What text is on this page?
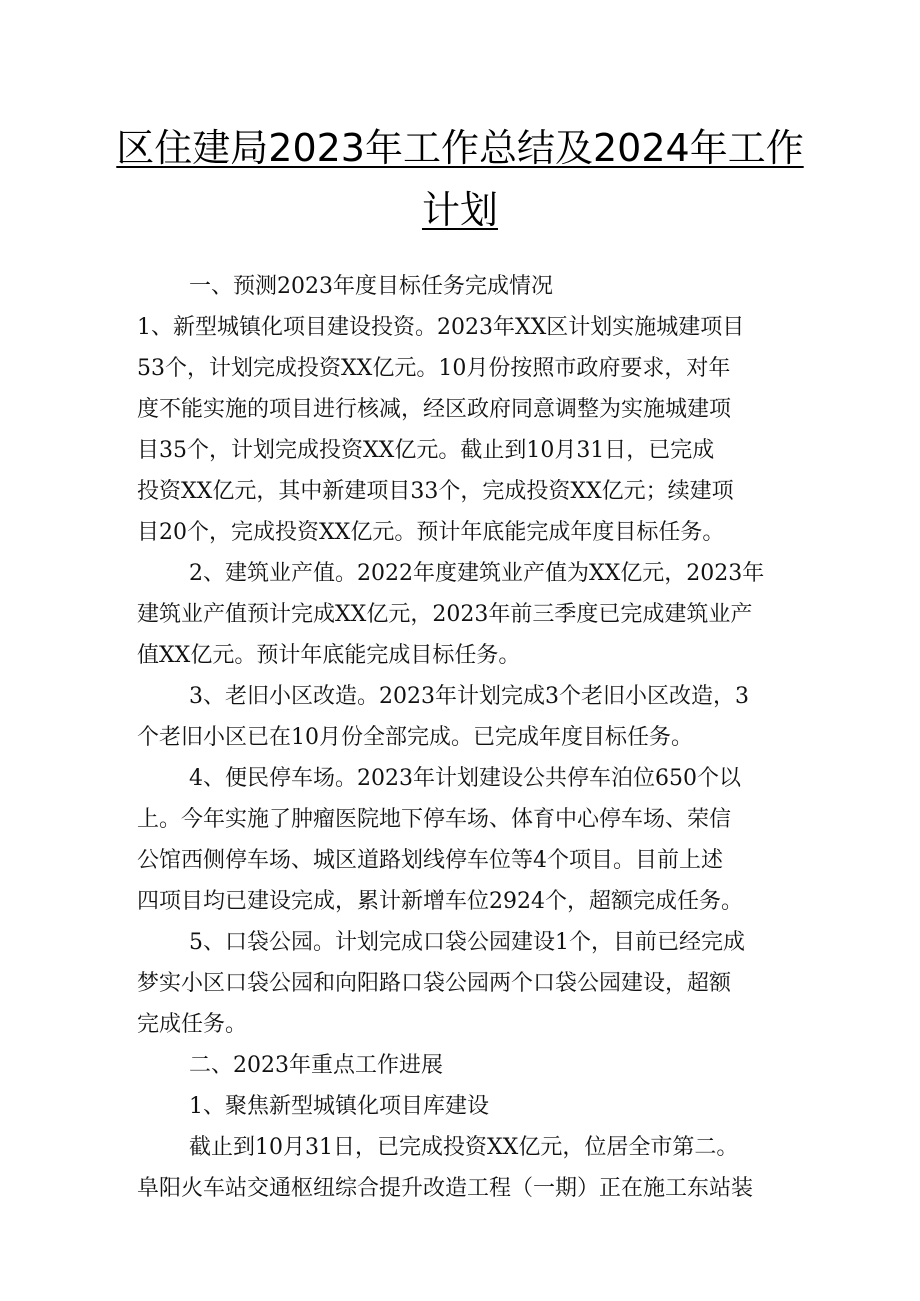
区住建局2023年工作总结及2024年工作
计划
一、预测2023年度目标任务完成情况
1、新型城镇化项目建设投资。2023年XX区计划实施城建项目
53个，计划完成投资XX亿元。10月份按照市政府要求，对年
度不能实施的项目进行核减，经区政府同意调整为实施城建项
目35个，计划完成投资XX亿元。截止到10月31日，已完成
投资XX亿元，其中新建项目33个，完成投资XX亿元；续建项
目20个，完成投资XX亿元。预计年底能完成年度目标任务。
2、建筑业产值。2022年度建筑业产值为XX亿元，2023年
建筑业产值预计完成XX亿元，2023年前三季度已完成建筑业产
值XX亿元。预计年底能完成目标任务。
3、老旧小区改造。2023年计划完成3个老旧小区改造，3
个老旧小区已在10月份全部完成。已完成年度目标任务。
4、便民停车场。2023年计划建设公共停车泊位650个以
上。今年实施了肿瘤医院地下停车场、体育中心停车场、荣信
公馆西侧停车场、城区道路划线停车位等4个项目。目前上述
四项目均已建设完成，累计新增车位2924个，超额完成任务。
5、口袋公园。计划完成口袋公园建设1个，目前已经完成
梦实小区口袋公园和向阳路口袋公园两个口袋公园建设，超额
完成任务。
二、2023年重点工作进展
1、聚焦新型城镇化项目库建设
截止到10月31日，已完成投资XX亿元，位居全市第二。
阜阳火车站交通枢纽综合提升改造工程（一期）正在施工东站装
